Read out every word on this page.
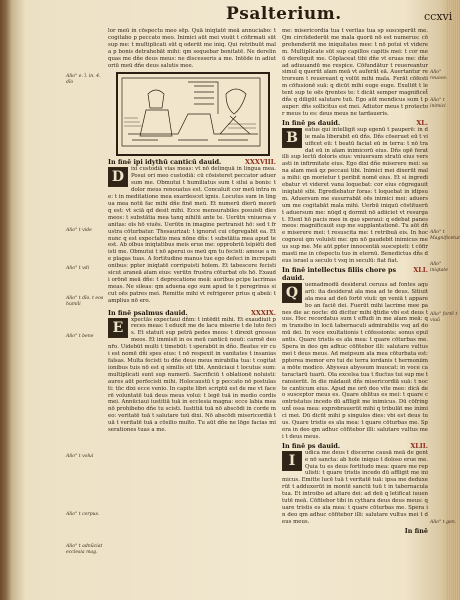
Psalterium.	ccxvi
Alio° e. ī. in. 4. dīo
Alio° t vide
Alio° t vdi
Alio° t dīo. t eos humili
Alio° t bene
Alio° t volui
Alio° t corpus.
Alio° t adnūciat ecclesia mag.

lor meū in cōspectu meo sēp. Quā iniqtatē meā annuciabo: t cogitabo p peccato meo. Inimici aūt mei viuūt t cōfirmati sūt sup me: t multiplicati sūt q oderūt me iniq. Qui retribuūt mala p bonis detrahebāt mihi: qm sequebar bonitatē. Ne derelinquas me dñe deus meus: ne discesseris a me. Intēde in adiutoriū meū dñe deus salutis mee.

In finē ipi idythū canticū dauid.	XXXVIII.
D	ixi custodiā vias meas: vt nō delinquā in lingua mea. Posui ori meo custodiā: cū cōsisteret peccator aduersum me. Obmutui t humiliatus sum t silui a bonis: t dolor meus renouatus est. Concaluit cor meū intra me: t in meditatione mea exardescet ignis. Locutus sum in lingua mea notū fac mihi dñe finē meū. Et numerū dierū meorū q est: vt sciā qd desit mihi. Ecce mensurabiles posuisti dies meos: t substātia mea tanq nihilū ante te. Uerūtn vniuersa vanitas: oīs hō viuēs. Uerūtn in imagine pertransit hō: sed t frustra cōturbatur. Thesaurizat: t ignorat cui cōgregabit ea. Et nunc q est expectatio mea nōne dñs: t substātia mea apud te est. Ab oībus iniqtatibus meis erue me: opprobriū īsipiēti dedisti me. Obmutui t nō aperui os meū qm tu fecisti: amoue a me plagas tuas. A fortitudine manus tue ego defeci in increpationibus: ppter iniqtatē corripuisti hoīem. Et tabescere fecisti sicut araneā aīam eius: verūtn frustra cōturbat oīs hō. Exaudi orōnē meā dñe: t deprecatione meā: auribus pcipe lacrimas meas. Ne sileas: qm aduena ego sum apud te t peregrinus sicut oēs patres mei. Remitte mihi vt refrigerer prius q abeā: t amplius nō ero.

In finē psalmus dauid.	XXXIX.
E	xpectās expectaui dñm: t intēdit mihi. Et exaudiuit preces meas: t eduxit me de lacu miserie t de luto fecis. Et statuit sup petrā pedes meos: t direxit gressus meos. Et immisit in os meū canticū nouū: carmē deo nr̄o. Uidebūt multi t timebūt: t sperabūt in dño. Beatus vir cui est nomē dñi spes eius: t nō respexit in vanitates t insanias falsas. Multa fecisti tu dñe deus meus mirabilia tua: t cogitationibus tuis nō est q similis sit tibi. Annūciaui t locutus sum: multiplicati sunt sup numerū. Sacrificiū t oblationē noluisti: aures aūt perfecisti mihi. Holocaustū t p peccato nō postulasti: tūc dixi ecce venio. In capite libri scriptū est de me vt facerē voluntatē tuā deus meus volui: t legē tuā in medio cordis mei. Annūciaui iustitiā tuā in ecclesia magna: ecce labia mea nō prohibebo dñe tu scisti. Iustitiā tuā nō abscōdi in corde meo: veritatē tuā t salutare tuū dixi. Nō abscōdi misericordiā tuā t veritatē tuā a cōsilio multo. Tu aūt dñe ne lōge facias miserationes tuas a me.

me: misericordia tua t veritas tua sp susceperūt me. Qm circūdederūt me mala quorū nō est numerus: cōprehenderūt me iniquitates mee: t nō potui vt viderem. Multiplicate sūt sup capillos capitis mei: t cor meū dereliquit me. Cōplaceat tibi dñe vt eruas me: dñe ad adiuuandū me respice. Cōfundātur t reuereantur simul q querūt aīam meā vt auferāt eā. Auertantur retrorsum t reuereant q volūt mihi mala. Ferāt cōfestim cōfusionē suā: q dicūt mihi euge euge. Exultēt t letent sup te oēs q̄rentes te: t dicāt semper magnificet̄ dñs q diligūt salutare tuū. Ego aūt mendicus sum t pauper: dñs sollicitus est mei. Adiutor meus t protector meus tu es: deus meus ne tardaueris.

In finē ps dauid.	XL.
B	eatus qui intelligit sup egenū t pauperē: in die mala liberabit eū dñs. Dñs cōseruet eū t viuificet eū: t beatū faciat eū in terra: t nō tradat eū in aīam inimicorū eius. Dñs opē ferat illi sup lectū doloris eius: vniuersum stratū eius versasti in infirmitate eius. Ego dixi dñe miserere mei: sana aīam meā qz peccaui tibi. Inimici mei dixerūt mala mihi: qn morietur t peribit nomē eius. Et si ingrediebatur vt videret vana loquebat: cor eius cōgregauit iniqtatē sibi. Egrediebatur foras: t loquebat in idipsum. Aduersum me susurrabāt oēs inimici mei: aduersum me cogitabāt mala mihi. Uerbū iniquū cōstituerūt aduersum me: nūqd q dormit nō adiiciet vt resurgat. Etenī hō pacis mee in quo speraui: q edebat panes meos: magnificauit sup me supplantationē. Tu aūt dñe miserere mei: t resuscita me: t retribuā eis. In hoc cognoui qm voluisti me: qm nō gaudebit inimicus meus sup me. Me aūt ppter innocentiā suscepisti: t cōfirmasti me in cōspectu tuo in eternū. Benedictus dñs deus israel a seculo t vsq in seculū: fiat fiat.

In finē intellectus filiis chore ps dauid.
XLI.
Q	uemadmodū desiderat ceruus ad fontes aquarū: ita desiderat aīa mea ad te deus. Sitiuit aīa mea ad deū fortē viuū: qn veniā t apparebo an faciē dei. Fuerūt mihi lacrime mee panes die ac nocte: dū dicitur mihi q̄tidie vbi est deus tuus. Hec recordatus sum t effudi in me aīam meā: qm transibo in locū tabernaculi admirabilis vsq ad domū dei. In voce exultationis t cōfessionis: sonus epulantis. Quare tristis es aīa mea: t quare cōturbas me. Spera in deo qm adhuc cōfitebor illi: salutare vultus mei t deus meus. Ad meipsum aīa mea cōturbata est: ppterea memor ero tui de terra iordanis t hermoniim a mōte modico. Abyssus abyssum inuocat: in voce cataractarū tuarū. Oīa excelsa tua t fluctus tui sup me transierūt. In die mādauit dñs misericordiā suā: t nocte canticum eius. Apud me orō deo vite mee: dicā deo susceptor meus es. Quare oblitus es mei: t quare contristatus incedo dū affligit me inimicus. Dū cōfringunt̄ ossa mea: exprobrauerūt mihi q tribulāt me inimici mei. Dū dicūt mihi p singulos dies: vbi est deus tuus. Quare tristis es aīa mea: t quare cōturbas me. Spera in deo qm adhuc cōfitebor illi: salutare vultus mei t deus meus.

In finē ps dauid.	XLII.
I	udica me deus t discerne causā meā de gente nō sancta: ab hoīe iniquo t doloso erue me. Quia tu es deus fortitudo mea: quare me repulisti: t quare tristis incedo dū affligit me inimicus. Emitte lucē tuā t veritatē tuā: ipsa me deduxerūt t adduxerūt in montē sanctū tuū t in tabernacula tua. Et introibo ad altare dei: ad deū q letificat iuuentutē meā. Cōfitebor tibi in cythara deus deus meus: quare tristis es aīa mea: t quare cōturbas me. Spera in deo qm adhuc cōfitebor illi: salutare vultus mei t deus meus.

In finē
Alio° reuoce.
Alio° t inimici
Alio° t Magnificetur
Alio° iniqtate
Alio° fortē t viuū
Alio° t gen.
